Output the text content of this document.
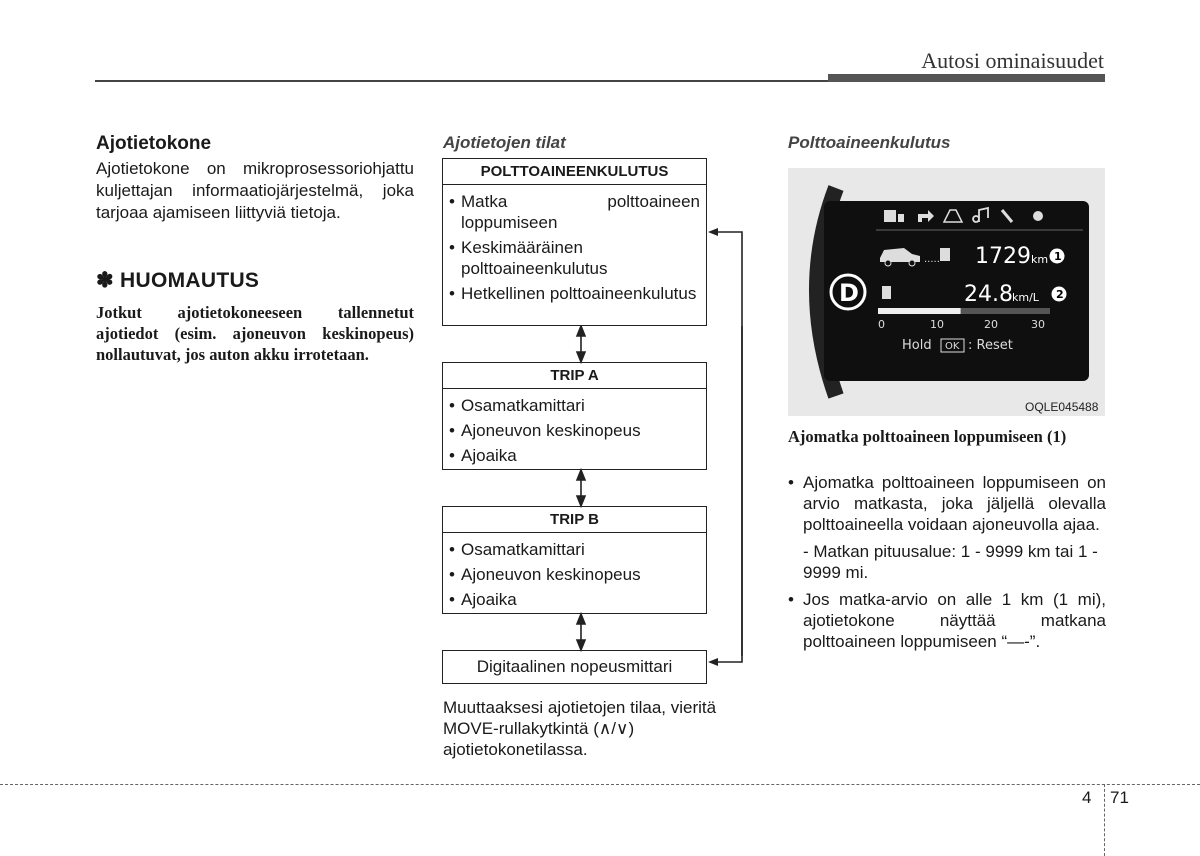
Autosi ominaisuudet
Ajotietokone
Ajotietokone on mikroprosessoriohjattu kuljettajan informaatiojärjestelmä, joka tarjoaa ajamiseen liittyviä tietoja.
✽ HUOMAUTUS
Jotkut ajotietokoneeseen tallennetut ajotiedot (esim. ajoneuvon keskinopeus) nollautuvat, jos auton akku irrotetaan.
Ajotietojen tilat
POLTTOAINEENKULUTUS
• Matka polttoaineen loppumiseen
• Keskimääräinen polttoaineenkulutus
• Hetkellinen polttoaineenkulutus
TRIP A
• Osamatkamittari
• Ajoneuvon keskinopeus
• Ajoaika
TRIP B
• Osamatkamittari
• Ajoneuvon keskinopeus
• Ajoaika
Digitaalinen nopeusmittari
Muuttaaksesi ajotietojen tilaa, vieritä MOVE-rullakytkintä (∧/∨) ajotietokonetilassa.
Polttoaineenkulutus
..... 1729 km 1
D	24.8 km/L 2
0	10	20	30
Hold OK : Reset
OQLE045488
Ajomatka polttoaineen loppumiseen (1)
• Ajomatka polttoaineen loppumiseen on arvio matkasta, joka jäljellä olevalla polttoaineella voidaan ajoneuvolla ajaa.
- Matkan pituusalue: 1 - 9999 km tai 1 - 9999 mi.
• Jos matka-arvio on alle 1 km (1 mi), ajotietokone näyttää matkana polttoaineen loppumiseen “—-”.
4 71
